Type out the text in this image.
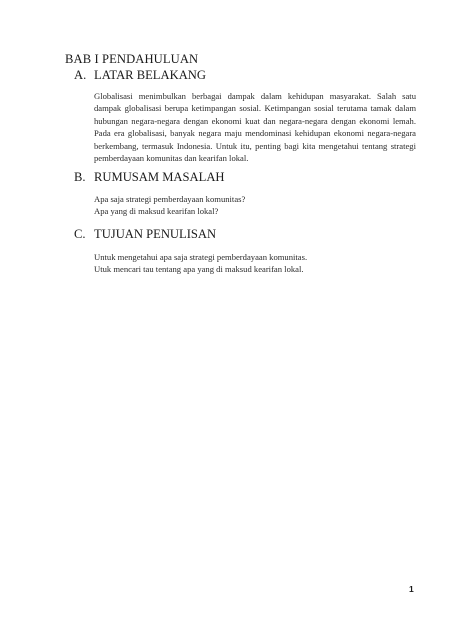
BAB I PENDAHULUAN
A. LATAR BELAKANG
Globalisasi menimbulkan berbagai dampak dalam kehidupan masyarakat. Salah satu
dampak globalisasi berupa ketimpangan sosial. Ketimpangan sosial terutama tamak dalam
hubungan negara-negara dengan ekonomi kuat dan negara-negara dengan ekonomi lemah.
Pada era globalisasi, banyak negara maju mendominasi kehidupan ekonomi negara-negara
berkembang, termasuk Indonesia. Untuk itu, penting bagi kita mengetahui tentang strategi
pemberdayaan komunitas dan kearifan lokal.
B. RUMUSAM MASALAH
Apa saja strategi pemberdayaan komunitas?
Apa yang di maksud kearifan lokal?
C. TUJUAN PENULISAN
Untuk mengetahui apa saja strategi pemberdayaan komunitas.
Utuk mencari tau tentang apa yang di maksud kearifan lokal.
1
